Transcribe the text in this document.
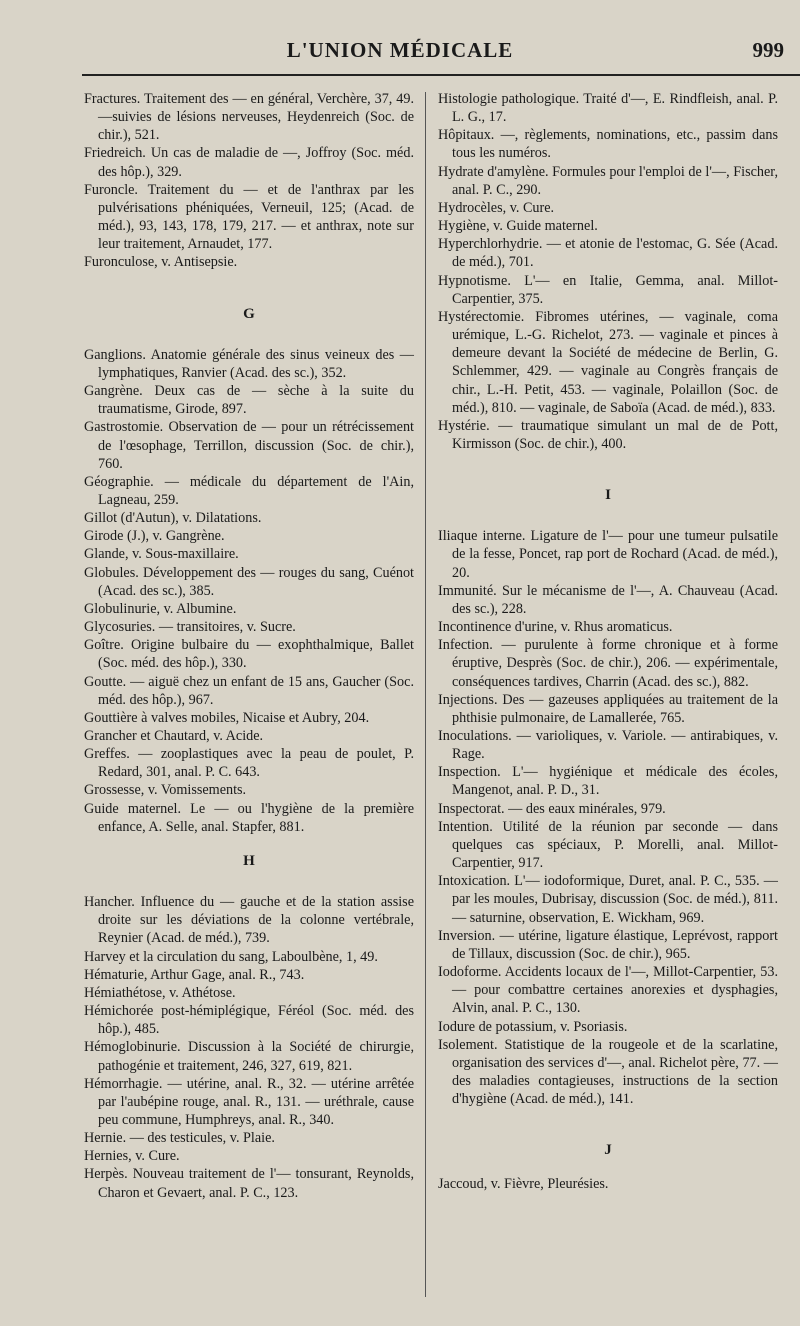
L'UNION MÉDICALE	999
Fractures. Traitement des — en général, Verchère, 37, 49.—suivies de lésions nerveuses, Heydenreich (Soc. de chir.), 521.
Friedreich. Un cas de maladie de —, Joffroy (Soc. méd. des hôp.), 329.
Furoncle. Traitement du — et de l'anthrax par les pulvérisations phéniquées, Verneuil, 125; (Acad. de méd.), 93, 143, 178, 179, 217. — et anthrax, note sur leur traitement, Arnaudet, 177.
Furonculose, v. Antisepsie.
G
Ganglions. Anatomie générale des sinus veineux des — lymphatiques, Ranvier (Acad. des sc.), 352.
Gangrène. Deux cas de — sèche à la suite du traumatisme, Girode, 897.
Gastrostomie. Observation de — pour un rétrécissement de l'œsophage, Terrillon, discussion (Soc. de chir.), 760.
Géographie. — médicale du département de l'Ain, Lagneau, 259.
Gillot (d'Autun), v. Dilatations.
Girode (J.), v. Gangrène.
Glande, v. Sous-maxillaire.
Globules. Développement des — rouges du sang, Cuénot (Acad. des sc.), 385.
Globulinurie, v. Albumine.
Glycosuries. — transitoires, v. Sucre.
Goître. Origine bulbaire du — exophthalmique, Ballet (Soc. méd. des hôp.), 330.
Goutte. — aiguë chez un enfant de 15 ans, Gaucher (Soc. méd. des hôp.), 967.
Gouttière à valves mobiles, Nicaise et Aubry, 204.
Grancher et Chautard, v. Acide.
Greffes. — zooplastiques avec la peau de poulet, P. Redard, 301, anal. P. C. 643.
Grossesse, v. Vomissements.
Guide maternel. Le — ou l'hygiène de la première enfance, A. Selle, anal. Stapfer, 881.
H
Hancher. Influence du — gauche et de la station assise droite sur les déviations de la colonne vertébrale, Reynier (Acad. de méd.), 739.
Harvey et la circulation du sang, Laboulbène, 1, 49.
Hématurie, Arthur Gage, anal. R., 743.
Hémiathétose, v. Athétose.
Hémichorée post-hémiplégique, Féréol (Soc. méd. des hôp.), 485.
Hémoglobinurie. Discussion à la Société de chirurgie, pathogénie et traitement, 246, 327, 619, 821.
Hémorrhagie. — utérine, anal. R., 32. — utérine arrêtée par l'aubépine rouge, anal. R., 131. — uréthrale, cause peu commune, Humphreys, anal. R., 340.
Hernie. — des testicules, v. Plaie.
Hernies, v. Cure.
Herpès. Nouveau traitement de l'— tonsurant, Reynolds, Charon et Gevaert, anal. P. C., 123.
Histologie pathologique. Traité d'—, E. Rindfleish, anal. P. L. G., 17.
Hôpitaux. —, règlements, nominations, etc., passim dans tous les numéros.
Hydrate d'amylène. Formules pour l'emploi de l'—, Fischer, anal. P. C., 290.
Hydrocèles, v. Cure.
Hygiène, v. Guide maternel.
Hyperchlorhydrie. — et atonie de l'estomac, G. Sée (Acad. de méd.), 701.
Hypnotisme. L'— en Italie, Gemma, anal. Millot-Carpentier, 375.
Hystérectomie. Fibromes utérines, — vaginale, coma urémique, L.-G. Richelot, 273. — vaginale et pinces à demeure devant la Société de médecine de Berlin, G. Schlemmer, 429. — vaginale au Congrès français de chir., L.-H. Petit, 453. — vaginale, Polaillon (Soc. de méd.), 810. — vaginale, de Saboïa (Acad. de méd.), 833.
Hystérie. — traumatique simulant un mal de de Pott, Kirmisson (Soc. de chir.), 400.
I
Iliaque interne. Ligature de l'— pour une tumeur pulsatile de la fesse, Poncet, rap port de Rochard (Acad. de méd.), 20.
Immunité. Sur le mécanisme de l'—, A. Chauveau (Acad. des sc.), 228.
Incontinence d'urine, v. Rhus aromaticus.
Infection. — purulente à forme chronique et à forme éruptive, Desprès (Soc. de chir.), 206. — expérimentale, conséquences tardives, Charrin (Acad. des sc.), 882.
Injections. Des — gazeuses appliquées au traitement de la phthisie pulmonaire, de Lamallerée, 765.
Inoculations. — varioliques, v. Variole. — antirabiques, v. Rage.
Inspection. L'— hygiénique et médicale des écoles, Mangenot, anal. P. D., 31.
Inspectorat. — des eaux minérales, 979.
Intention. Utilité de la réunion par seconde — dans quelques cas spéciaux, P. Morelli, anal. Millot-Carpentier, 917.
Intoxication. L'— iodoformique, Duret, anal. P. C., 535. — par les moules, Dubrisay, discussion (Soc. de méd.), 811. — saturnine, observation, E. Wickham, 969.
Inversion. — utérine, ligature élastique, Leprévost, rapport de Tillaux, discussion (Soc. de chir.), 965.
Iodoforme. Accidents locaux de l'—, Millot-Carpentier, 53. — pour combattre certaines anorexies et dysphagies, Alvin, anal. P. C., 130.
Iodure de potassium, v. Psoriasis.
Isolement. Statistique de la rougeole et de la scarlatine, organisation des services d'—, anal. Richelot père, 77. — des maladies contagieuses, instructions de la section d'hygiène (Acad. de méd.), 141.
J
Jaccoud, v. Fièvre, Pleurésies.
